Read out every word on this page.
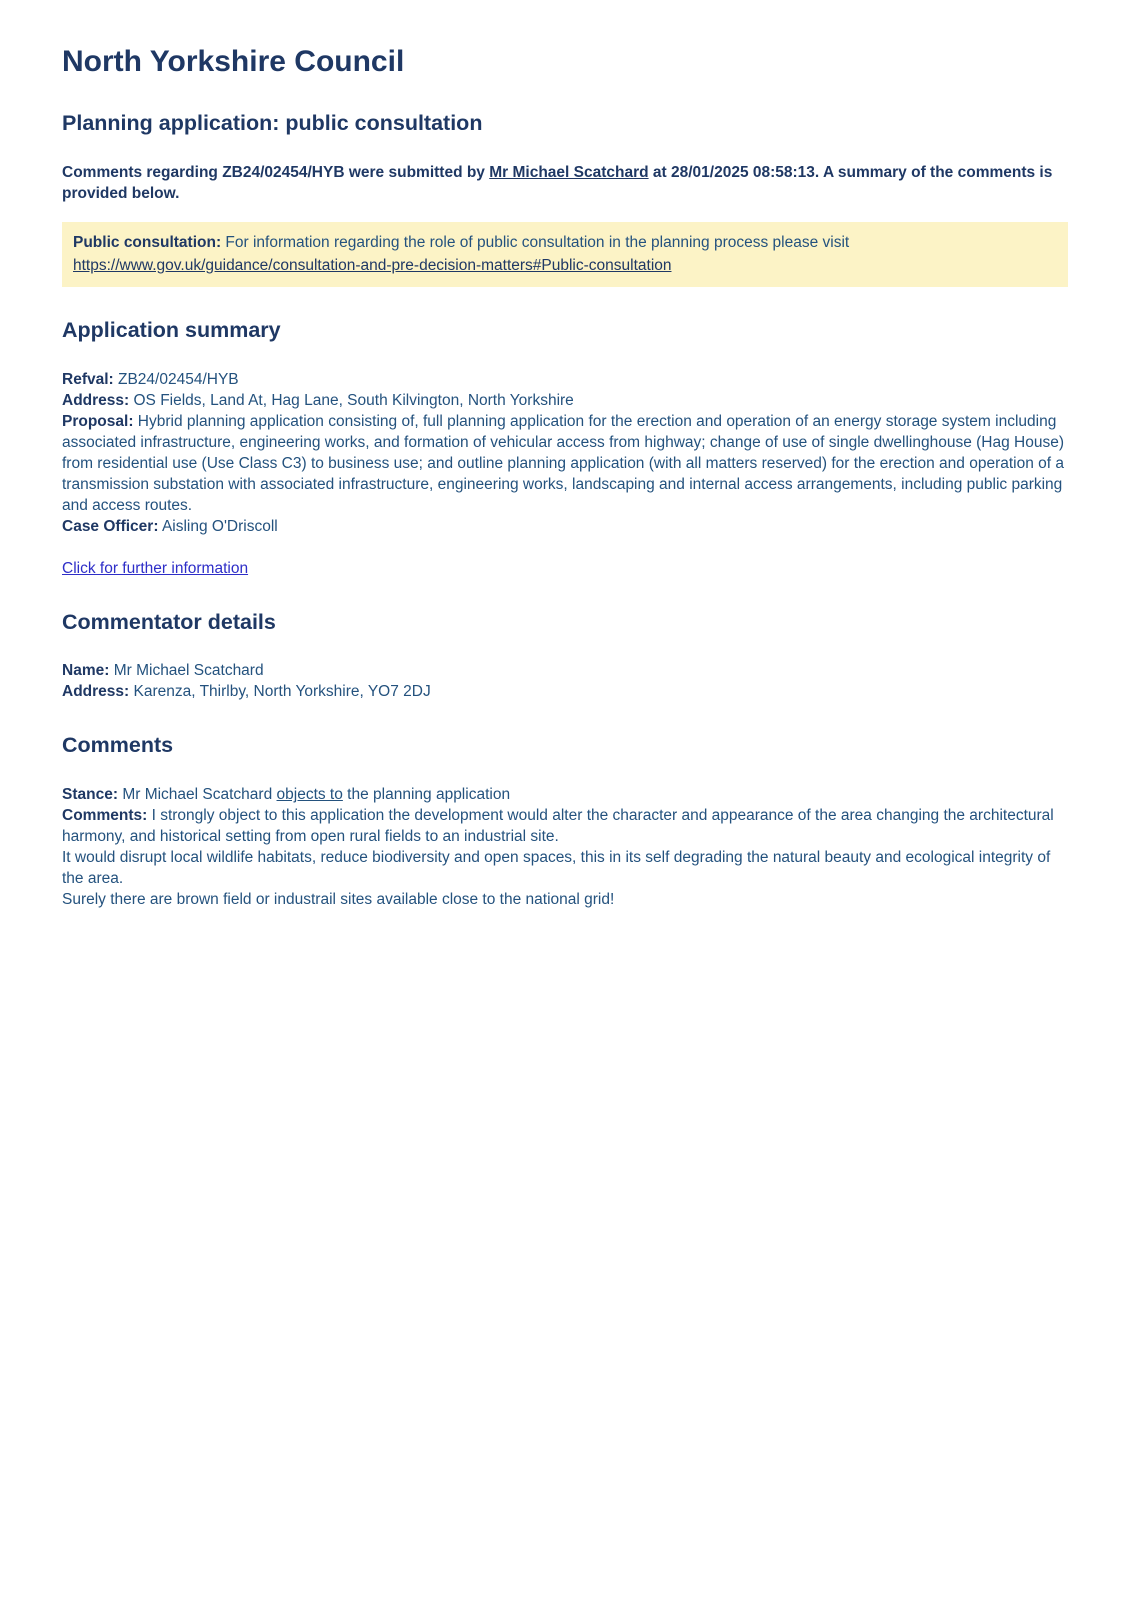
North Yorkshire Council
Planning application: public consultation

Comments regarding ZB24/02454/HYB were submitted by Mr Michael Scatchard at 28/01/2025 08:58:13. A summary of the comments is provided below.

Public consultation: For information regarding the role of public consultation in the planning process please visit
https://www.gov.uk/guidance/consultation-and-pre-decision-matters#Public-consultation
Application summary
Refval: ZB24/02454/HYB
Address: OS Fields, Land At, Hag Lane, South Kilvington, North Yorkshire
Proposal: Hybrid planning application consisting of, full planning application for the erection and operation of an energy storage system including associated infrastructure, engineering works, and formation of vehicular access from highway; change of use of single dwellinghouse (Hag House) from residential use (Use Class C3) to business use; and outline planning application (with all matters reserved) for the erection and operation of a transmission substation with associated infrastructure, engineering works, landscaping and internal access arrangements, including public parking and access routes.
Case Officer: Aisling O'Driscoll

Click for further information

Commentator details
Name: Mr Michael Scatchard
Address: Karenza, Thirlby, North Yorkshire, YO7 2DJ
Comments
Stance: Mr Michael Scatchard objects to the planning application
Comments: I strongly object to this application the development would alter the character and appearance of the area changing the architectural harmony, and historical setting from open rural fields to an industrial site.
It would disrupt local wildlife habitats, reduce biodiversity and open spaces, this in its self degrading the natural beauty and ecological integrity of the area.
Surely there are brown field or industrail sites available close to the national grid!
